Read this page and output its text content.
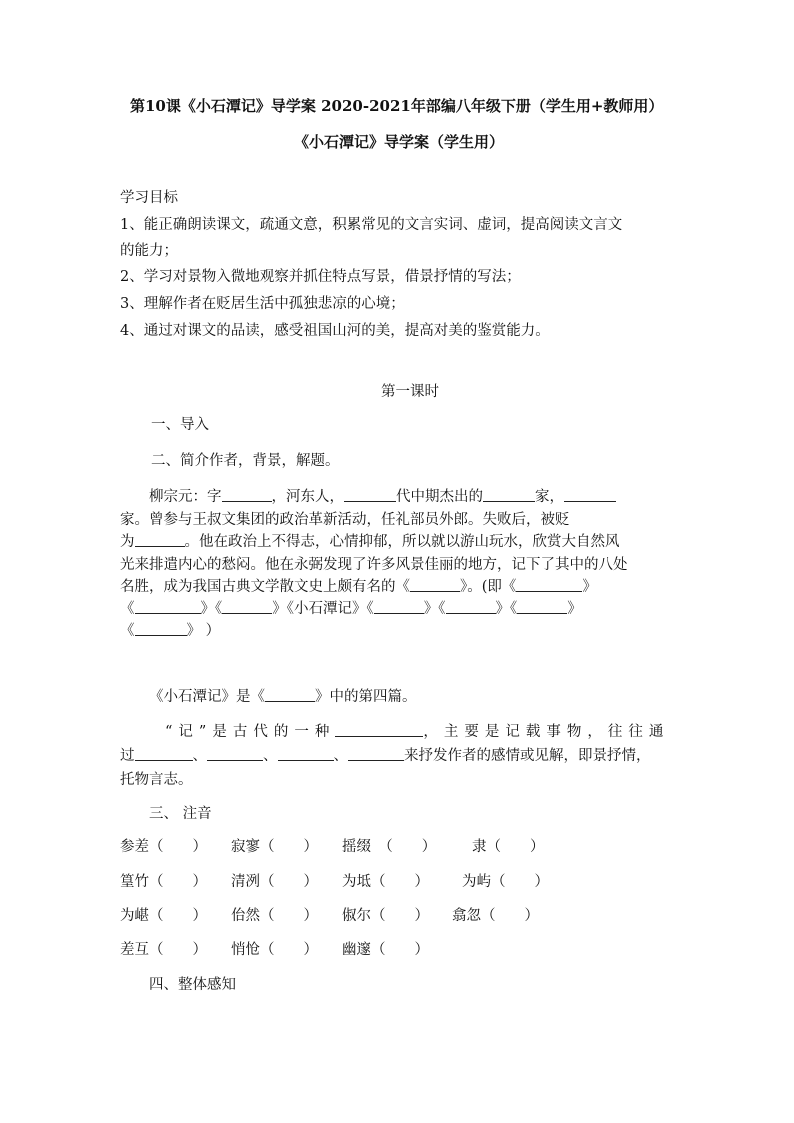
第10课《小石潭记》导学案 2020-2021年部编八年级下册（学生用+教师用）
《小石潭记》导学案（学生用）
学习目标
1、能正确朗读课文，疏通文意，积累常见的文言实词、虚词，提高阅读文言文
的能力；
2、学习对景物入微地观察并抓住特点写景，借景抒情的写法；
3、理解作者在贬居生活中孤独悲凉的心境；
4、通过对课文的品读，感受祖国山河的美，提高对美的鉴赏能力。
第一课时
一、导入
二、简介作者，背景，解题。
柳宗元：字	，河东人，	代中期杰出的	家，
家。曾参与王叔文集团的政治革新活动，任礼部员外郎。失败后，被贬
为	。他在政治上不得志，心情抑郁，所以就以游山玩水，欣赏大自然风
光来排遣内心的愁闷。他在永弼发现了许多风景佳丽的地方，记下了其中的八处
名胜，成为我国古典文学散文史上颇有名的《	》。(即《	》
《	》《	》《小石潭记》《	》《	》《	》
《	》 ）
《小石潭记》是《	》中的第四篇。
“记”是古代的一种	，主要是记载事物，往往通
过	、	、	、	来抒发作者的感情或见解，即景抒情，
托物言志。
三、 注音
参差（　　） 寂寥（　　） 摇缀　（　　） 隶（　　）
篁竹（　　） 清冽（　　） 为坻（　　） 为屿（　　）
为嵁（　　） 佁然（　　） 俶尔（　　） 翕忽（　　）
差互（　　） 悄怆（　　） 幽邃（　　）
四、整体感知
